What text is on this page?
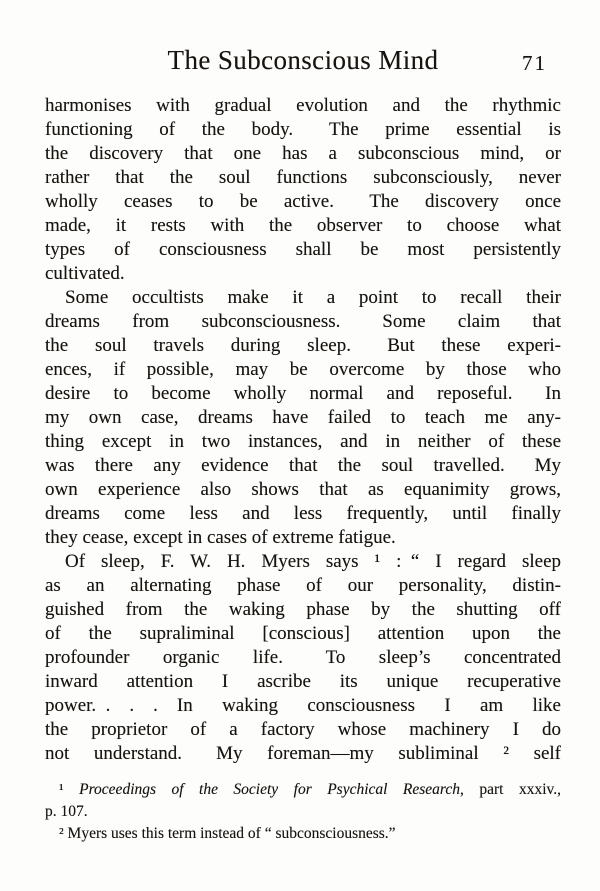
The Subconscious Mind	71
harmonises with gradual evolution and the rhythmic
functioning of the body.  The prime essential is
the discovery that one has a subconscious mind, or
rather that the soul functions subconsciously, never
wholly ceases to be active.  The discovery once
made, it rests with the observer to choose what
types of consciousness shall be most persistently
cultivated.
Some occultists make it a point to recall their
dreams from subconsciousness.  Some claim that
the soul travels during sleep.  But these experi-
ences, if possible, may be overcome by those who
desire to become wholly normal and reposeful.  In
my own case, dreams have failed to teach me any-
thing except in two instances, and in neither of these
was there any evidence that the soul travelled.  My
own experience also shows that as equanimity grows,
dreams come less and less frequently, until finally
they cease, except in cases of extreme fatigue.
Of sleep, F. W. H. Myers says ¹ : “ I regard sleep
as an alternating phase of our personality, distin-
guished from the waking phase by the shutting off
of the supraliminal [conscious] attention upon the
profounder organic life.  To sleep’s concentrated
inward attention I ascribe its unique recuperative
power. .  .  .  In waking consciousness I am like
the proprietor of a factory whose machinery I do
not understand.  My foreman—my subliminal ² self
¹ Proceedings of the Society for Psychical Research, part xxxiv.,
p. 107.
² Myers uses this term instead of “ subconsciousness.”
